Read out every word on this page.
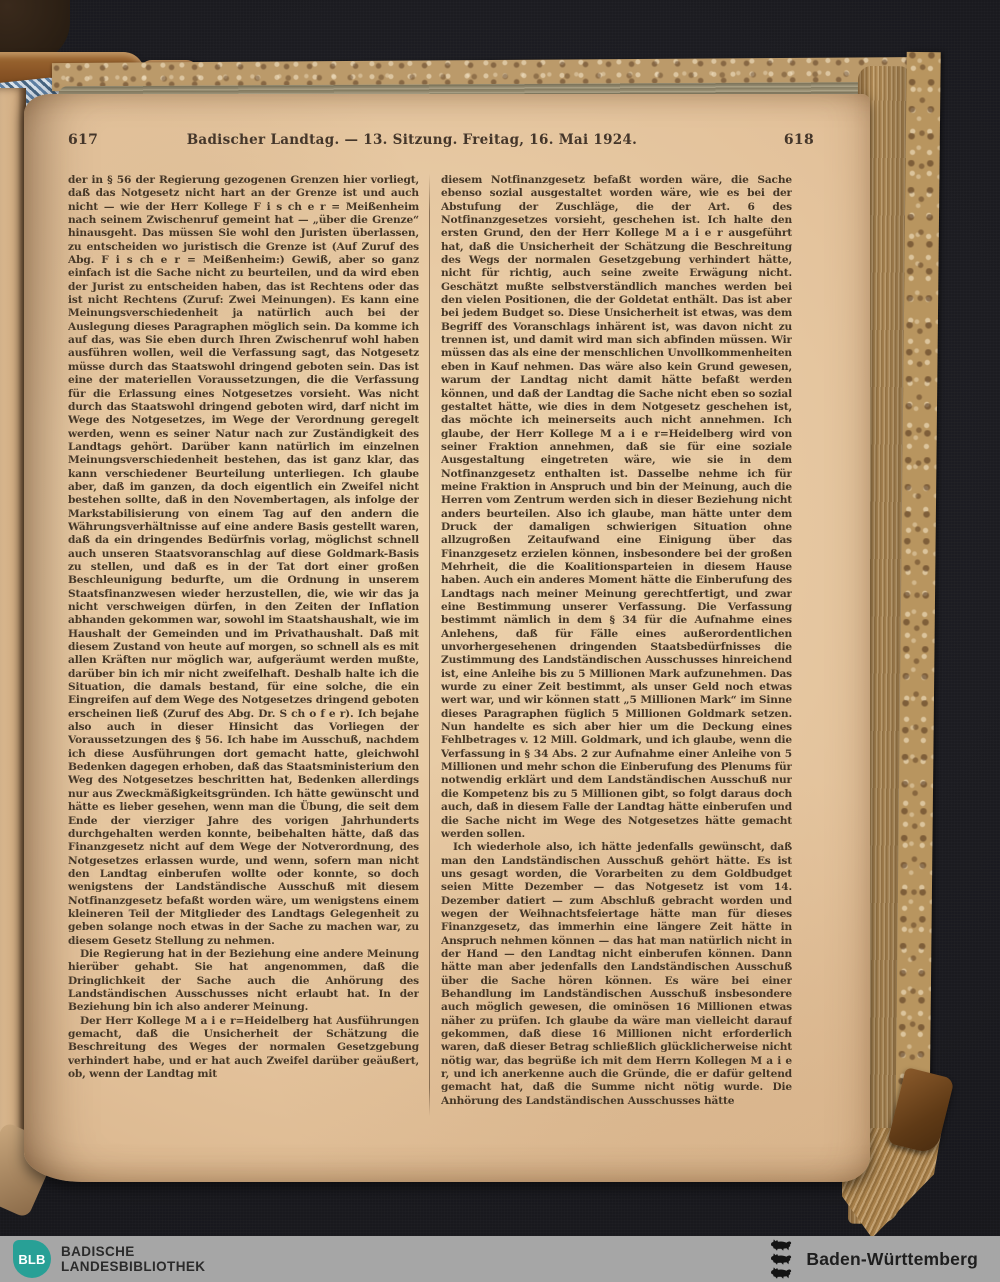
617	Badischer Landtag. — 13. Sitzung. Freitag, 16. Mai 1924.	618

der in § 56 der Regierung gezogenen Grenzen hier vorliegt, daß das Notgesetz nicht hart an der Grenze ist und auch nicht — wie der Herr Kollege F i s ch e r = Meißenheim nach seinem Zwischenruf gemeint hat — „über die Grenze“ hinausgeht. Das müssen Sie wohl den Juristen überlassen, zu entscheiden wo juristisch die Grenze ist (Auf Zuruf des Abg. F i s ch e r = Meißenheim:) Gewiß, aber so ganz einfach ist die Sache nicht zu beurteilen, und da wird eben der Jurist zu entscheiden haben, das ist Rechtens oder das ist nicht Rechtens (Zuruf: Zwei Meinungen). Es kann eine Meinungsverschiedenheit ja natürlich auch bei der Auslegung dieses Paragraphen möglich sein. Da komme ich auf das, was Sie eben durch Ihren Zwischenruf wohl haben ausführen wollen, weil die Verfassung sagt, das Notgesetz müsse durch das Staatswohl dringend geboten sein. Das ist eine der materiellen Voraussetzungen, die die Verfassung für die Erlassung eines Notgesetzes vorsieht. Was nicht durch das Staatswohl dringend geboten wird, darf nicht im Wege des Notgesetzes, im Wege der Verordnung geregelt werden, wenn es seiner Natur nach zur Zuständigkeit des Landtags gehört. Darüber kann natürlich im einzelnen Meinungsverschiedenheit bestehen, das ist ganz klar, das kann verschiedener Beurteilung unterliegen. Ich glaube aber, daß im ganzen, da doch eigentlich ein Zweifel nicht bestehen sollte, daß in den Novembertagen, als infolge der Markstabilisierung von einem Tag auf den andern die Währungsverhältnisse auf eine andere Basis gestellt waren, daß da ein dringendes Bedürfnis vorlag, möglichst schnell auch unseren Staatsvoranschlag auf diese Goldmark-Basis zu stellen, und daß es in der Tat dort einer großen Beschleunigung bedurfte, um die Ordnung in unserem Staatsfinanzwesen wieder herzustellen, die, wie wir das ja nicht verschweigen dürfen, in den Zeiten der Inflation abhanden gekommen war, sowohl im Staatshaushalt, wie im Haushalt der Gemeinden und im Privathaushalt. Daß mit diesem Zustand von heute auf morgen, so schnell als es mit allen Kräften nur möglich war, aufgeräumt werden mußte, darüber bin ich mir nicht zweifelhaft. Deshalb halte ich die Situation, die damals bestand, für eine solche, die ein Eingreifen auf dem Wege des Notgesetzes dringend geboten erscheinen ließ (Zuruf des Abg. Dr. S ch o f e r). Ich bejahe also auch in dieser Hinsicht das Vorliegen der Voraussetzungen des § 56. Ich habe im Ausschuß, nachdem ich diese Ausführungen dort gemacht hatte, gleichwohl Bedenken dagegen erhoben, daß das Staatsministerium den Weg des Notgesetzes beschritten hat, Bedenken allerdings nur aus Zweckmäßigkeitsgründen. Ich hätte gewünscht und hätte es lieber gesehen, wenn man die Übung, die seit dem Ende der vierziger Jahre des vorigen Jahrhunderts durchgehalten werden konnte, beibehalten hätte, daß das Finanzgesetz nicht auf dem Wege der Notverordnung, des Notgesetzes erlassen wurde, und wenn, sofern man nicht den Landtag einberufen wollte oder konnte, so doch wenigstens der Landständische Ausschuß mit diesem Notfinanzgesetz befaßt worden wäre, um wenigstens einem kleineren Teil der Mitglieder des Landtags Gelegenheit zu geben solange noch etwas in der Sache zu machen war, zu diesem Gesetz Stellung zu nehmen.

Die Regierung hat in der Beziehung eine andere Meinung hierüber gehabt. Sie hat angenommen, daß die Dringlichkeit der Sache auch die Anhörung des Landständischen Ausschusses nicht erlaubt hat. In der Beziehung bin ich also anderer Meinung.

Der Herr Kollege M a i e r=Heidelberg hat Ausführungen gemacht, daß die Unsicherheit der Schätzung die Beschreitung des Weges der normalen Gesetzgebung verhindert habe, und er hat auch Zweifel darüber geäußert, ob, wenn der Landtag mit

diesem Notfinanzgesetz befaßt worden wäre, die Sache ebenso sozial ausgestaltet worden wäre, wie es bei der Abstufung der Zuschläge, die der Art. 6 des Notfinanzgesetzes vorsieht, geschehen ist. Ich halte den ersten Grund, den der Herr Kollege M a i e r ausgeführt hat, daß die Unsicherheit der Schätzung die Beschreitung des Wegs der normalen Gesetzgebung verhindert hätte, nicht für richtig, auch seine zweite Erwägung nicht. Geschätzt mußte selbstverständlich manches werden bei den vielen Positionen, die der Goldetat enthält. Das ist aber bei jedem Budget so. Diese Unsicherheit ist etwas, was dem Begriff des Voranschlags inhärent ist, was davon nicht zu trennen ist, und damit wird man sich abfinden müssen. Wir müssen das als eine der menschlichen Unvollkommenheiten eben in Kauf nehmen. Das wäre also kein Grund gewesen, warum der Landtag nicht damit hätte befaßt werden können, und daß der Landtag die Sache nicht eben so sozial gestaltet hätte, wie dies in dem Notgesetz geschehen ist, das möchte ich meinerseits auch nicht annehmen. Ich glaube, der Herr Kollege M a i e r=Heidelberg wird von seiner Fraktion annehmen, daß sie für eine soziale Ausgestaltung eingetreten wäre, wie sie in dem Notfinanzgesetz enthalten ist. Dasselbe nehme ich für meine Fraktion in Anspruch und bin der Meinung, auch die Herren vom Zentrum werden sich in dieser Beziehung nicht anders beurteilen. Also ich glaube, man hätte unter dem Druck der damaligen schwierigen Situation ohne allzugroßen Zeitaufwand eine Einigung über das Finanzgesetz erzielen können, insbesondere bei der großen Mehrheit, die die Koalitionsparteien in diesem Hause haben. Auch ein anderes Moment hätte die Einberufung des Landtags nach meiner Meinung gerechtfertigt, und zwar eine Bestimmung unserer Verfassung. Die Verfassung bestimmt nämlich in dem § 34 für die Aufnahme eines Anlehens, daß für Fälle eines außerordentlichen unvorhergesehenen dringenden Staatsbedürfnisses die Zustimmung des Landständischen Ausschusses hinreichend ist, eine Anleihe bis zu 5 Millionen Mark aufzunehmen. Das wurde zu einer Zeit bestimmt, als unser Geld noch etwas wert war, und wir können statt „5 Millionen Mark“ im Sinne dieses Paragraphen füglich 5 Millionen Goldmark setzen. Nun handelte es sich aber hier um die Deckung eines Fehlbetrages v. 12 Mill. Goldmark, und ich glaube, wenn die Verfassung in § 34 Abs. 2 zur Aufnahme einer Anleihe von 5 Millionen und mehr schon die Einberufung des Plenums für notwendig erklärt und dem Landständischen Ausschuß nur die Kompetenz bis zu 5 Millionen gibt, so folgt daraus doch auch, daß in diesem Falle der Landtag hätte einberufen und die Sache nicht im Wege des Notgesetzes hätte gemacht werden sollen.

Ich wiederhole also, ich hätte jedenfalls gewünscht, daß man den Landständischen Ausschuß gehört hätte. Es ist uns gesagt worden, die Vorarbeiten zu dem Goldbudget seien Mitte Dezember — das Notgesetz ist vom 14. Dezember datiert — zum Abschluß gebracht worden und wegen der Weihnachtsfeiertage hätte man für dieses Finanzgesetz, das immerhin eine längere Zeit hätte in Anspruch nehmen können — das hat man natürlich nicht in der Hand — den Landtag nicht einberufen können. Dann hätte man aber jedenfalls den Landständischen Ausschuß über die Sache hören können. Es wäre bei einer Behandlung im Landständischen Ausschuß insbesondere auch möglich gewesen, die ominösen 16 Millionen etwas näher zu prüfen. Ich glaube da wäre man vielleicht darauf gekommen, daß diese 16 Millionen nicht erforderlich waren, daß dieser Betrag schließlich glücklicherweise nicht nötig war, das begrüße ich mit dem Herrn Kollegen M a i e r, und ich anerkenne auch die Gründe, die er dafür geltend gemacht hat, daß die Summe nicht nötig wurde. Die Anhörung des Landständischen Ausschusses hätte

BLB
BADISCHE
LANDESBIBLIOTHEK	Baden-Württemberg
